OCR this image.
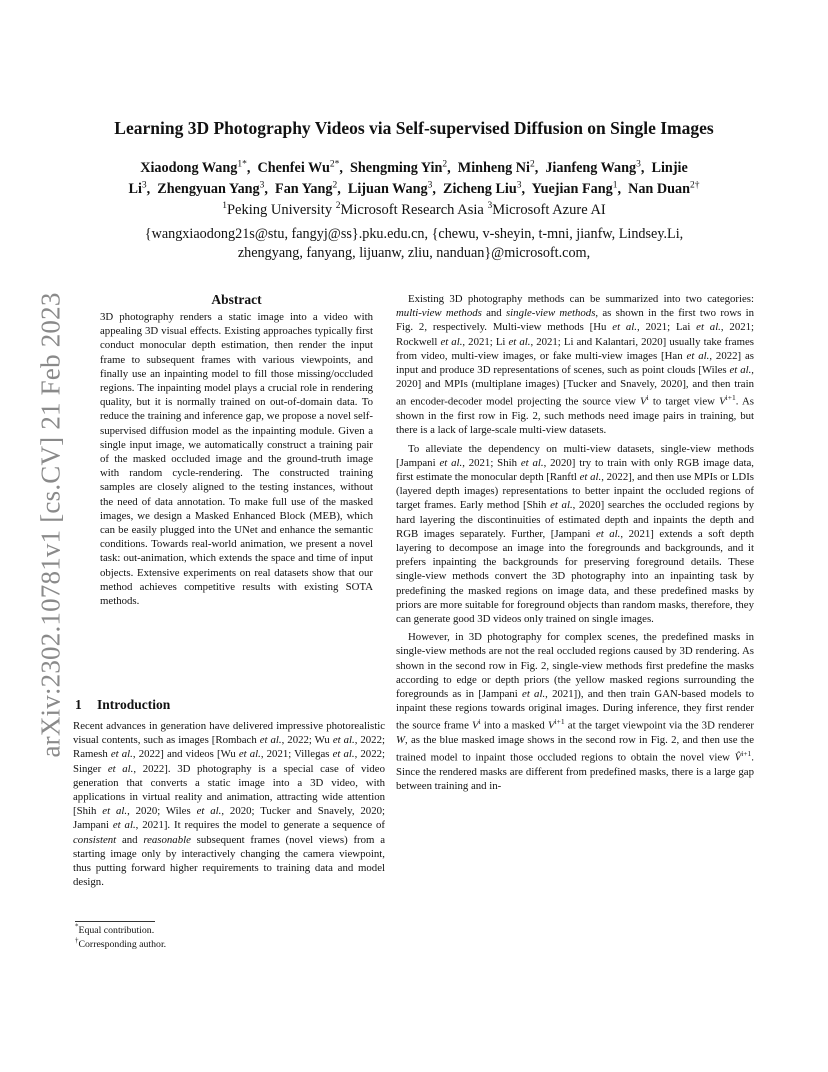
arXiv:2302.10781v1 [cs.CV] 21 Feb 2023
Learning 3D Photography Videos via Self-supervised Diffusion on Single Images
Xiaodong Wang$^{1*}$,  Chenfei $Wu^{2*}$,  Shengming Yin$^2$,  Minheng Ni$^2$,  Jianfeng Wang$^3$,  Linjie
Li$^3$,  Zhengyuan Yang$^3$,  Fan Yang$^2$,  Lijuan Wang$^3$,  Zicheng Liu$^3$,  Yuejian Fang$^1$,  Nan Duan$^{2\dagger}$
$^1$Peking University $^2$Microsoft Research Asia $^3$Microsoft Azure AI
{wangxiaodong21s@stu, fangyj@ss}.pku.edu.cn, {chewu, v-sheyin, t-mni, jianfw, Lindsey.Li,
zhengyang, fanyang, lijuanw, zliu, nanduan}@microsoft.com,
Abstract
3D photography renders a static image into a video with appealing 3D visual effects. Existing approaches typically first conduct monocular depth estimation, then render the input frame to subsequent frames with various viewpoints, and finally use an inpainting model to fill those missing/occluded regions. The inpainting model plays a crucial role in rendering quality, but it is normally trained on out-of-domain data. To reduce the training and inference gap, we propose a novel self-supervised diffusion model as the inpainting module. Given a single input image, we automatically construct a training pair of the masked occluded image and the ground-truth image with random cycle-rendering. The constructed training samples are closely aligned to the testing instances, without the need of data annotation. To make full use of the masked images, we design a Masked Enhanced Block (MEB), which can be easily plugged into the UNet and enhance the semantic conditions. Towards real-world animation, we present a novel task: out-animation, which extends the space and time of input objects. Extensive experiments on real datasets show that our method achieves competitive results with existing SOTA methods.
1 Introduction

Recent advances in generation have delivered impressive photorealistic visual contents, such as images [Rombach et al., 2022; Wu et al., 2022; Ramesh et al., 2022] and videos [Wu et al., 2021; Villegas et al., 2022; Singer et al., 2022]. 3D photography is a special case of video generation that converts a static image into a 3D video, with applications in virtual reality and animation, attracting wide attention [Shih et al., 2020; Wiles et al., 2020; Tucker and Snavely, 2020; Jampani et al., 2021]. It requires the model to generate a sequence of consistent and reasonable subsequent frames (novel views) from a starting image only by interactively changing the camera viewpoint, thus putting forward higher requirements to training data and model design.

*Equal contribution.
†Corresponding author.

Existing 3D photography methods can be summarized into two categories: multi-view methods and single-view methods, as shown in the first two rows in Fig. 2, respectively. Multi-view methods [Hu et al., 2021; Lai et al., 2021; Rockwell et al., 2021; Li et al., 2021; Li and Kalantari, 2020] usually take frames from video, multi-view images, or fake multi-view images [Han et al., 2022] as input and produce 3D representations of scenes, such as point clouds [Wiles et al., 2020] and MPIs (multiplane images) [Tucker and Snavely, 2020], and then train an encoder-decoder model projecting the source view $V^i$ to target view $V^{i+1}$. As shown in the first row in Fig. 2, such methods need image pairs in training, but there is a lack of large-scale multi-view datasets.

To alleviate the dependency on multi-view datasets, single-view methods [Jampani et al., 2021; Shih et al., 2020] try to train with only RGB image data, first estimate the monocular depth [Ranftl et al., 2022], and then use MPIs or LDIs (layered depth images) representations to better inpaint the occluded regions of target frames. Early method [Shih et al., 2020] searches the occluded regions by hard layering the discontinuities of estimated depth and inpaints the depth and RGB images separately. Further, [Jampani et al., 2021] extends a soft depth layering to decompose an image into the foregrounds and backgrounds, and it prefers inpainting the backgrounds for preserving foreground details. These single-view methods convert the 3D photography into an inpainting task by predefining the masked regions on image data, and these predefined masks by priors are more suitable for foreground objects than random masks, therefore, they can generate good 3D videos only trained on single images.

However, in 3D photography for complex scenes, the predefined masks in single-view methods are not the real occluded regions caused by 3D rendering. As shown in the second row in Fig. 2, single-view methods first predefine the masks according to edge or depth priors (the yellow masked regions surrounding the foregrounds as in [Jampani et al., 2021]), and then train GAN-based models to inpaint these regions towards original images. During inference, they first render the source frame $V^i$ into a masked $V^{i+1}$ at the target viewpoint via the 3D renderer W, as the blue masked image shows in the second row in Fig. 2, and then use the trained model to inpaint those occluded regions to obtain the novel view V̂$^{i+1}$. Since the rendered masks are different from predefined masks, there is a large gap between training and in-
